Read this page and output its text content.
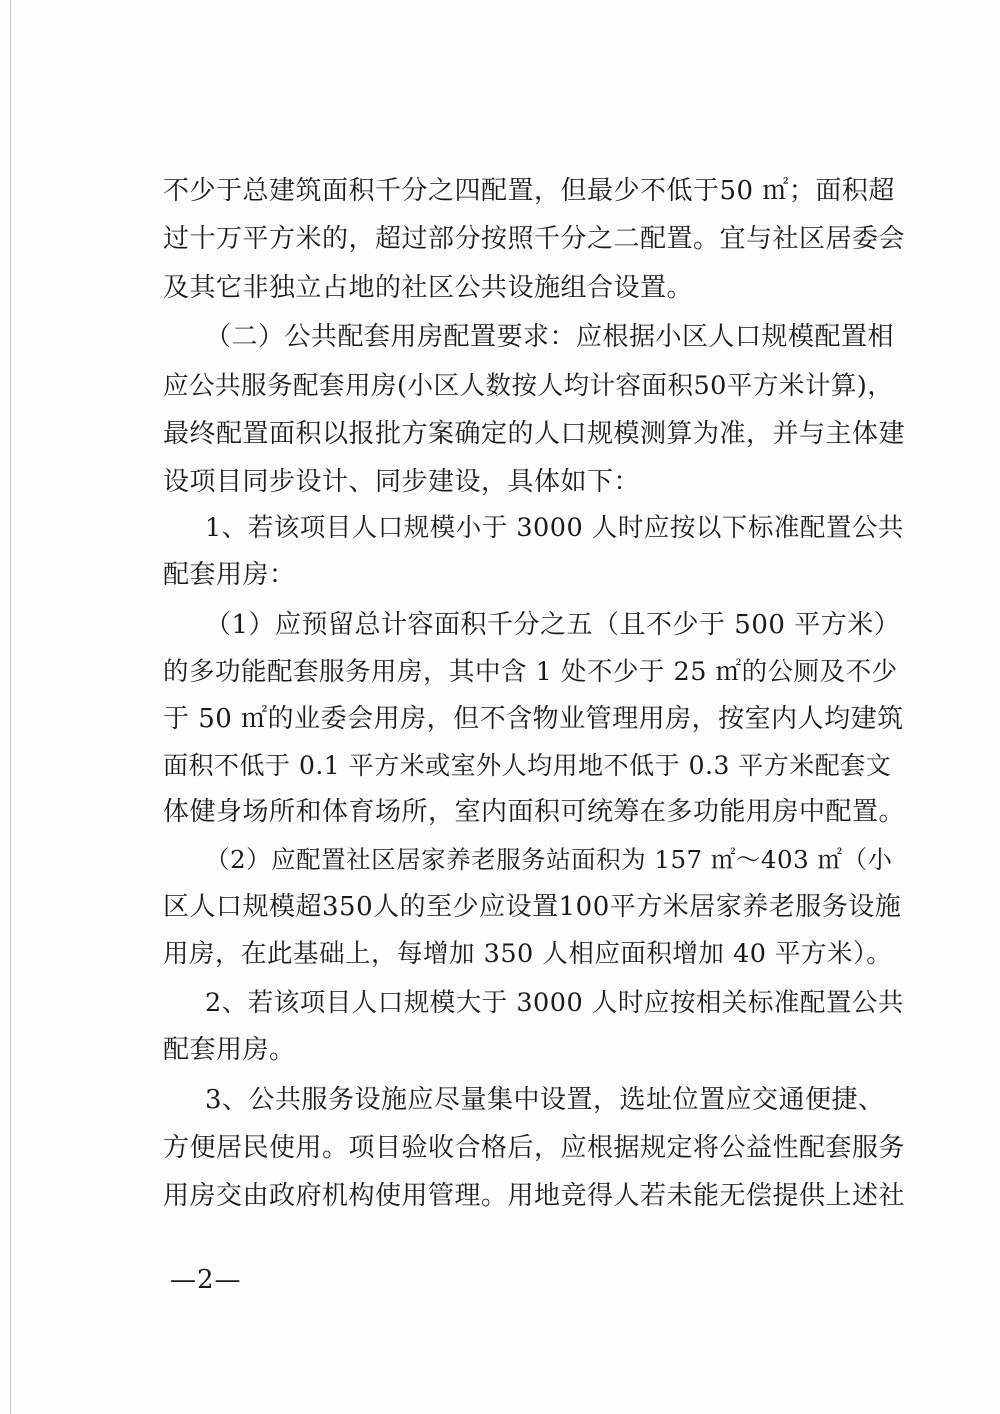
不少于总建筑面积千分之四配置，但最少不低于50 ㎡；面积超
过十万平方米的，超过部分按照千分之二配置。宜与社区居委会
及其它非独立占地的社区公共设施组合设置。
（二）公共配套用房配置要求：应根据小区人口规模配置相
应公共服务配套用房(小区人数按人均计容面积50平方米计算)，
最终配置面积以报批方案确定的人口规模测算为准，并与主体建
设项目同步设计、同步建设，具体如下：
1、若该项目人口规模小于 3000 人时应按以下标准配置公共
配套用房：
（1）应预留总计容面积千分之五（且不少于 500 平方米）
的多功能配套服务用房，其中含 1 处不少于 25 ㎡的公厕及不少
于 50 ㎡的业委会用房，但不含物业管理用房，按室内人均建筑
面积不低于 0.1 平方米或室外人均用地不低于 0.3 平方米配套文
体健身场所和体育场所，室内面积可统筹在多功能用房中配置。
（2）应配置社区居家养老服务站面积为 157 ㎡～403 ㎡（小
区人口规模超350人的至少应设置100平方米居家养老服务设施
用房，在此基础上，每增加 350 人相应面积增加 40 平方米）。
2、若该项目人口规模大于 3000 人时应按相关标准配置公共
配套用房。
3、公共服务设施应尽量集中设置，选址位置应交通便捷、
方便居民使用。项目验收合格后，应根据规定将公益性配套服务
用房交由政府机构使用管理。用地竞得人若未能无偿提供上述社
—2—
